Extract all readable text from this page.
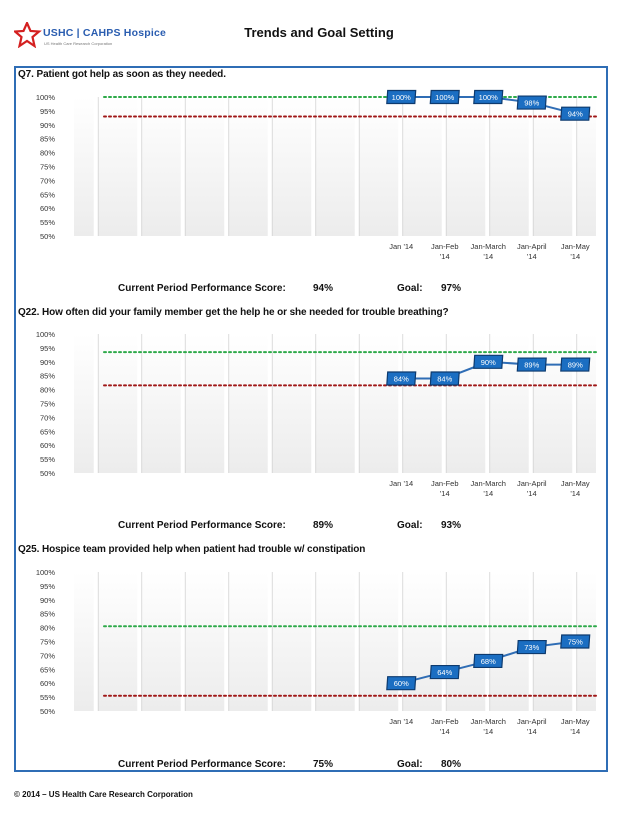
USHC | CAHPS Hospice
US Health Care Research Corporation
Trends and Goal Setting
Q7. Patient got help as soon as they needed.
100%
95%
90%
85%
80%
75%
70%
65%
60%
55%
50%
100%	100%	100%
98%
94%
Jan '14 Jan-Feb '14
Jan-March '14
Jan-April '14
Jan-May '14
Current Period Performance Score:	94%	Goal: 97%
Q22. How often did your family member get the help he or she needed for trouble breathing?
100%
95%
90%
85%
80%
75%
70%
65%
60%
55%
50%
84%	84%
90%	89%	89%
Jan '14 Jan-Feb '14
Jan-March '14
Jan-April '14
Jan-May '14
Current Period Performance Score:	89%	Goal: 93%
Q25. Hospice team provided help when patient had trouble w/ constipation
100%
95%
90%
85%
80%
75%
70%
65%
60%
55%
50%
60%
64%
68%
73%
75%
Jan '14 Jan-Feb '14
Jan-March '14
Jan-April '14
Jan-May '14
Current Period Performance Score:	75%	Goal: 80%
© 2014 – US Health Care Research Corporation
